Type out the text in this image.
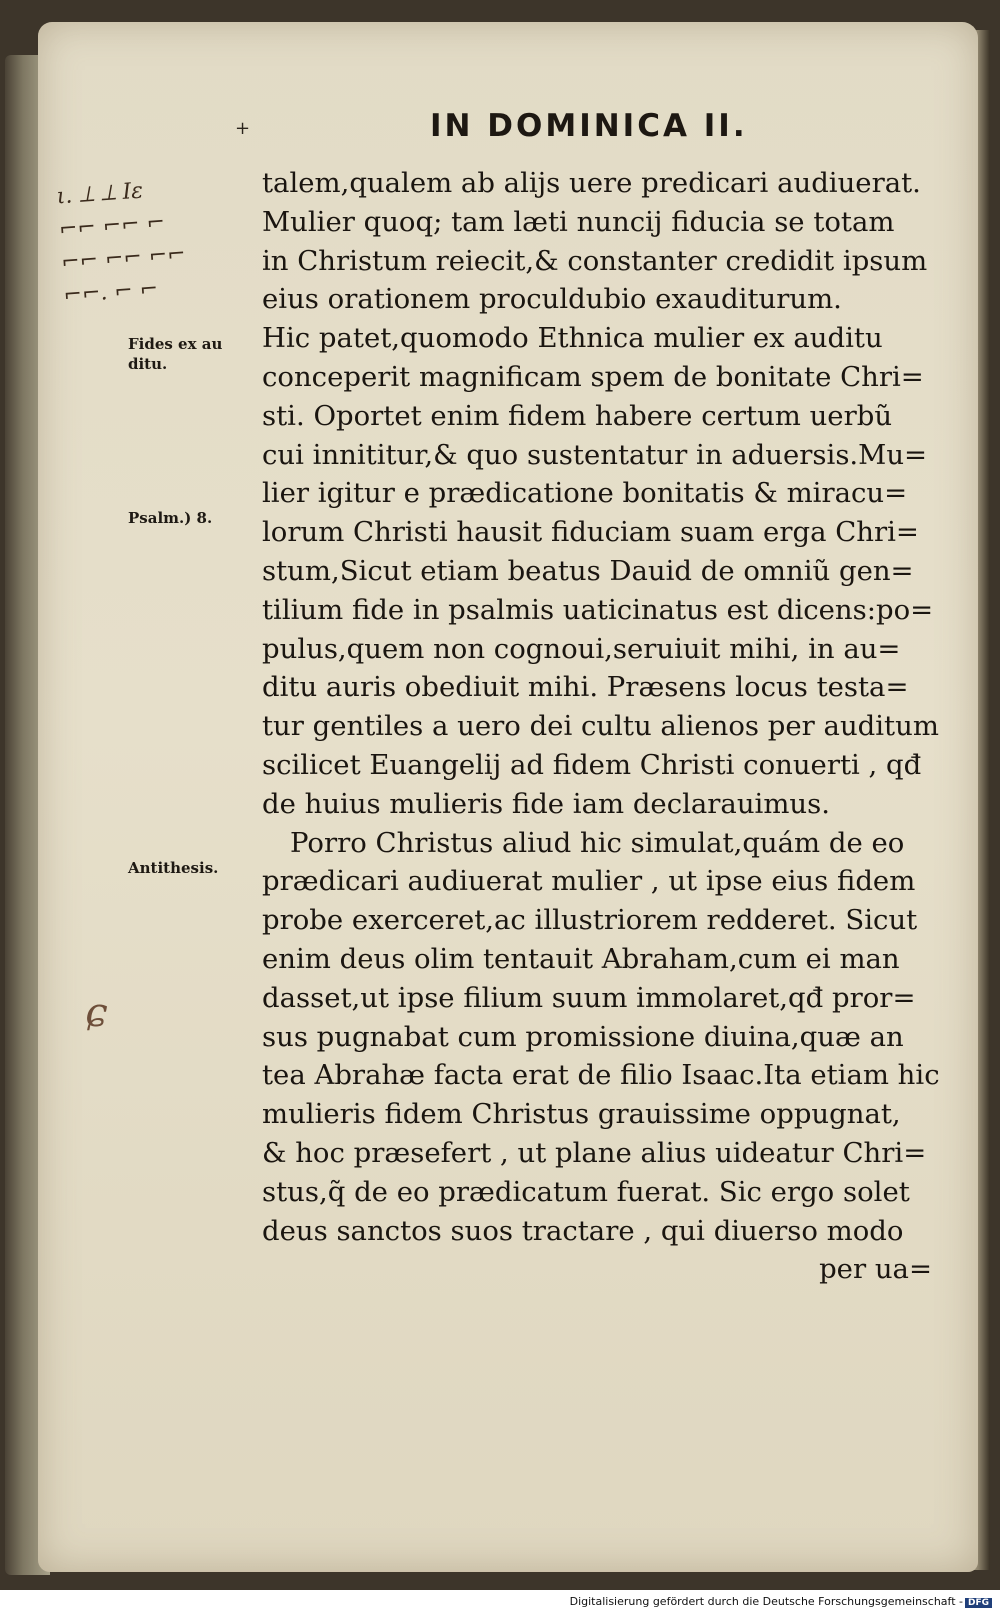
+	IN DOMINICA II.
ι. ⟂ ⟂ Ιε
⌐⌐ ⌐⌐ ⌐
⌐⌐ ⌐⌐ ⌐⌐
⌐⌐. ⌐ ⌐
Fides ex au
ditu.
Psalm.) 8.
Antithesis.
ɕ
talem,qualem ab alijs uere predicari audiuerat.
Mulier quoq; tam læti nuncij fiducia se totam
in Christum reiecit,& constanter credidit ipsum
eius orationem proculdubio exauditurum.
Hic patet,quomodo Ethnica mulier ex auditu
conceperit magnificam spem de bonitate Chri=
sti. Oportet enim fidem habere certum uerbũ
cui innititur,& quo sustentatur in aduersis.Mu=
lier igitur e prædicatione bonitatis & miracu=
lorum Christi hausit fiduciam suam erga Chri=
stum,Sicut etiam beatus Dauid de omniũ gen=
tilium fide in psalmis uaticinatus est dicens:po=
pulus,quem non cognoui,seruiuit mihi, in au=
ditu auris obediuit mihi. Præsens locus testa=
tur gentiles a uero dei cultu alienos per auditum
scilicet Euangelij ad fidem Christi conuerti , qđ
de huius mulieris fide iam declarauimus.
Porro Christus aliud hic simulat,quám de eo
prædicari audiuerat mulier , ut ipse eius fidem
probe exerceret,ac illustriorem redderet. Sicut
enim deus olim tentauit Abraham,cum ei man
dasset,ut ipse filium suum immolaret,qđ pror=
sus pugnabat cum promissione diuina,quæ an
tea Abrahæ facta erat de filio Isaac.Ita etiam hic
mulieris fidem Christus grauissime oppugnat,
& hoc præsefert , ut plane alius uideatur Chri=
stus,q̃ de eo prædicatum fuerat. Sic ergo solet
deus sanctos suos tractare , qui diuerso modo
per ua=
Digitalisierung gefördert durch die Deutsche Forschungsgemeinschaft - DFG
